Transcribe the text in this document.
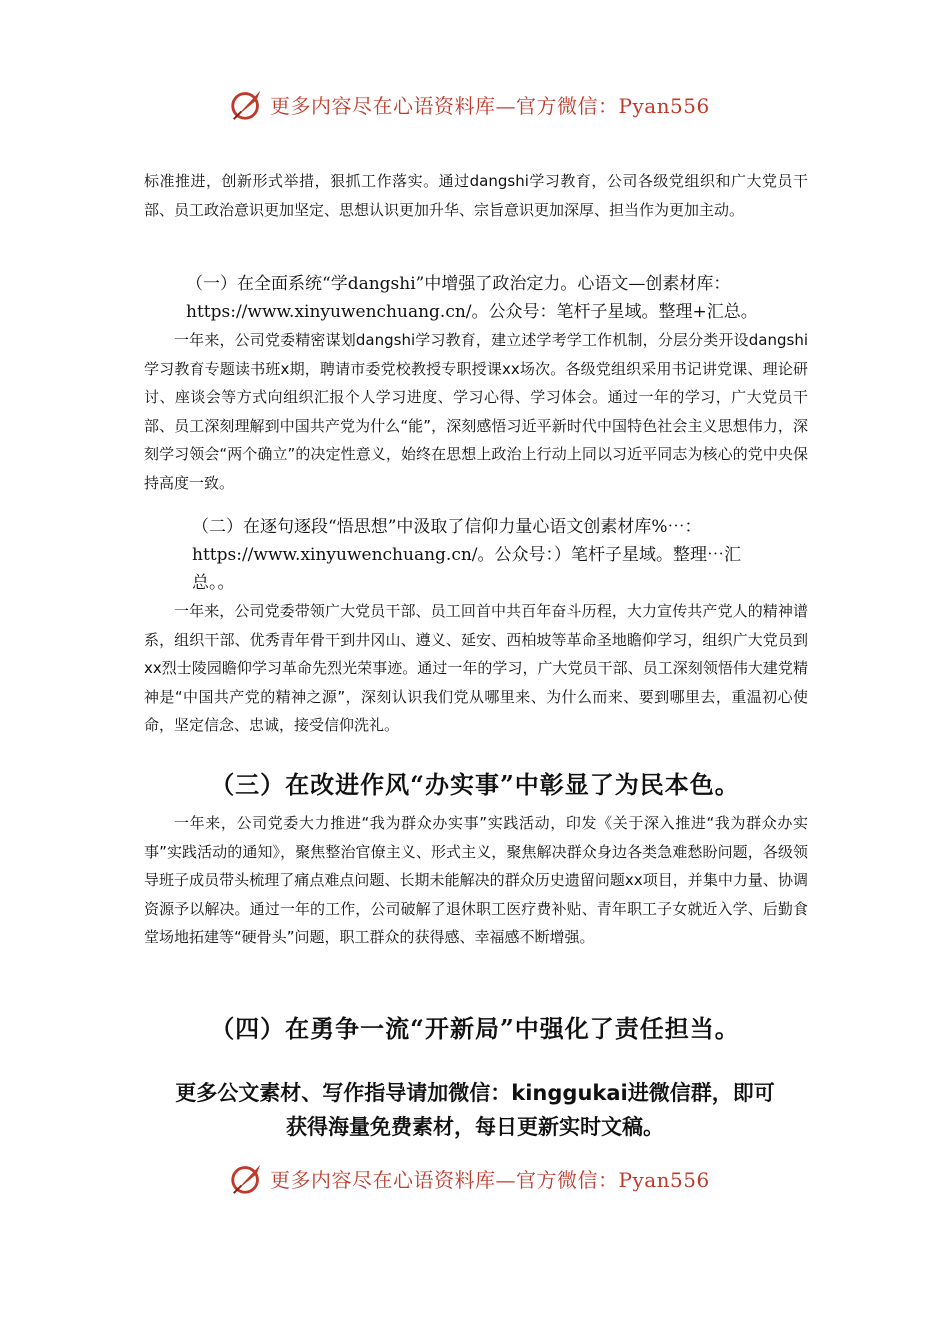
更多内容尽在心语资料库—官方微信：Pyan556

标准推进，创新形式举措，狠抓工作落实。通过dangshi学习教育，公司各级党组织和广大党员干部、员工政治意识更加坚定、思想认识更加升华、宗旨意识更加深厚、担当作为更加主动。

（一）在全面系统“学dangshi”中增强了政治定力。心语文—创素材库：

https://www.xinyuwenchuang.cn/。公众号：笔杆子星域。整理+汇总。

一年来，公司党委精密谋划dangshi学习教育，建立述学考学工作机制，分层分类开设dangshi学习教育专题读书班x期，聘请市委党校教授专职授课xx场次。各级党组织采用书记讲党课、理论研讨、座谈会等方式向组织汇报个人学习进度、学习心得、学习体会。通过一年的学习，广大党员干部、员工深刻理解到中国共产党为什么“能”，深刻感悟习近平新时代中国特色社会主义思想伟力，深刻学习领会“两个确立”的决定性意义，始终在思想上政治上行动上同以习近平同志为核心的党中央保持高度一致。

（二）在逐句逐段“悟思想”中汲取了信仰力量心语文创素材库%⋯：

https://www.xinyuwenchuang.cn/。公众号：）笔杆子星域。整理⋯汇

总。。

一年来，公司党委带领广大党员干部、员工回首中共百年奋斗历程，大力宣传共产党人的精神谱系，组织干部、优秀青年骨干到井冈山、遵义、延安、西柏坡等革命圣地瞻仰学习，组织广大党员到xx烈士陵园瞻仰学习革命先烈光荣事迹。通过一年的学习，广大党员干部、员工深刻领悟伟大建党精神是“中国共产党的精神之源”，深刻认识我们党从哪里来、为什么而来、要到哪里去，重温初心使命，坚定信念、忠诚，接受信仰洗礼。

（三）在改进作风“办实事”中彰显了为民本色。

一年来，公司党委大力推进“我为群众办实事”实践活动，印发《关于深入推进“我为群众办实事”实践活动的通知》，聚焦整治官僚主义、形式主义，聚焦解决群众身边各类急难愁盼问题，各级领导班子成员带头梳理了痛点难点问题、长期未能解决的群众历史遗留问题xx项目，并集中力量、协调资源予以解决。通过一年的工作，公司破解了退休职工医疗费补贴、青年职工子女就近入学、后勤食堂场地拓建等“硬骨头”问题，职工群众的获得感、幸福感不断增强。

（四）在勇争一流“开新局”中强化了责任担当。

更多公文素材、写作指导请加微信：kinggukai进微信群，即可

获得海量免费素材，每日更新实时文稿。

更多内容尽在心语资料库—官方微信：Pyan556
